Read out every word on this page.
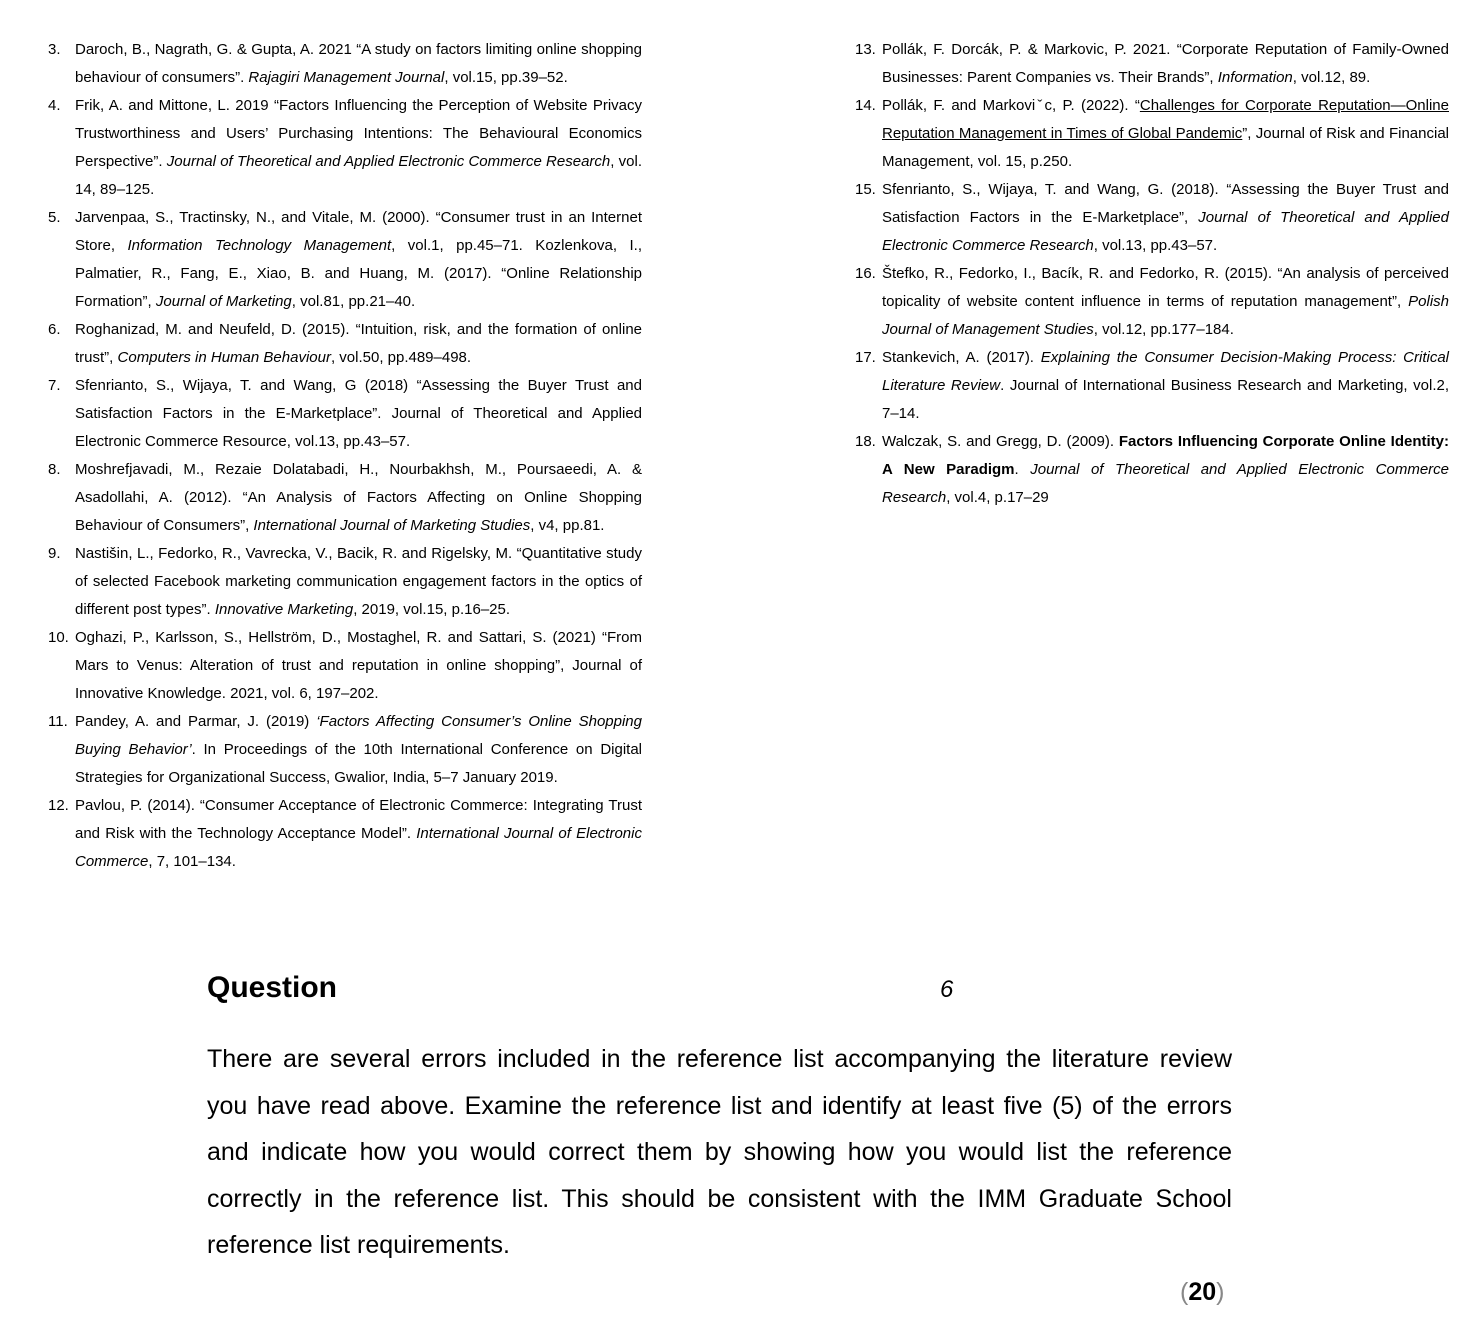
3. Daroch, B., Nagrath, G. & Gupta, A. 2021 “A study on factors limiting online shopping behaviour of consumers”. Rajagiri Management Journal, vol.15, pp.39–52.
4. Frik, A. and Mittone, L. 2019 “Factors Influencing the Perception of Website Privacy Trustworthiness and Users’ Purchasing Intentions: The Behavioural Economics Perspective”. Journal of Theoretical and Applied Electronic Commerce Research, vol. 14, 89–125.
5. Jarvenpaa, S., Tractinsky, N., and Vitale, M. (2000). “Consumer trust in an Internet Store, Information Technology Management, vol.1, pp.45–71. Kozlenkova, I., Palmatier, R., Fang, E., Xiao, B. and Huang, M. (2017). “Online Relationship Formation”, Journal of Marketing, vol.81, pp.21–40.
6. Roghanizad, M. and Neufeld, D. (2015). “Intuition, risk, and the formation of online trust”, Computers in Human Behaviour, vol.50, pp.489–498.
7. Sfenrianto, S., Wijaya, T. and Wang, G (2018) “Assessing the Buyer Trust and Satisfaction Factors in the E-Marketplace”. Journal of Theoretical and Applied Electronic Commerce Resource, vol.13, pp.43–57.
8. Moshrefjavadi, M., Rezaie Dolatabadi, H., Nourbakhsh, M., Poursaeedi, A. & Asadollahi, A. (2012). “An Analysis of Factors Affecting on Online Shopping Behaviour of Consumers”, International Journal of Marketing Studies, v4, pp.81.
9. Nastišin, L., Fedorko, R., Vavrecka, V., Bacik, R. and Rigelsky, M. “Quantitative study of selected Facebook marketing communication engagement factors in the optics of different post types”. Innovative Marketing, 2019, vol.15, p.16–25.
10. Oghazi, P., Karlsson, S., Hellström, D., Mostaghel, R. and Sattari, S. (2021) “From Mars to Venus: Alteration of trust and reputation in online shopping”, Journal of Innovative Knowledge. 2021, vol. 6, 197–202.
11. Pandey, A. and Parmar, J. (2019) ‘Factors Affecting Consumer’s Online Shopping Buying Behavior’. In Proceedings of the 10th International Conference on Digital Strategies for Organizational Success, Gwalior, India, 5–7 January 2019.
12. Pavlou, P. (2014). “Consumer Acceptance of Electronic Commerce: Integrating Trust and Risk with the Technology Acceptance Model”. International Journal of Electronic Commerce, 7, 101–134.
13. Pollák, F. Dorcák, P. & Markovic, P. 2021. “Corporate Reputation of Family-Owned Businesses: Parent Companies vs. Their Brands”, Information, vol.12, 89.
14. Pollák, F. and Markoviˇc, P. (2022). “Challenges for Corporate Reputation—Online Reputation Management in Times of Global Pandemic”, Journal of Risk and Financial Management, vol. 15, p.250.
15. Sfenrianto, S., Wijaya, T. and Wang, G. (2018). “Assessing the Buyer Trust and Satisfaction Factors in the E-Marketplace”, Journal of Theoretical and Applied Electronic Commerce Research, vol.13, pp.43–57.
16. Štefko, R., Fedorko, I., Bacík, R. and Fedorko, R. (2015). “An analysis of perceived topicality of website content influence in terms of reputation management”, Polish Journal of Management Studies, vol.12, pp.177–184.
17. Stankevich, A. (2017). Explaining the Consumer Decision-Making Process: Critical Literature Review. Journal of International Business Research and Marketing, vol.2, 7–14.
18. Walczak, S. and Gregg, D. (2009). Factors Influencing Corporate Online Identity: A New Paradigm. Journal of Theoretical and Applied Electronic Commerce Research, vol.4, p.17–29
Question	6
There are several errors included in the reference list accompanying the literature review you have read above. Examine the reference list and identify at least five (5) of the errors and indicate how you would correct them by showing how you would list the reference correctly in the reference list. This should be consistent with the IMM Graduate School reference list requirements.
(20)
